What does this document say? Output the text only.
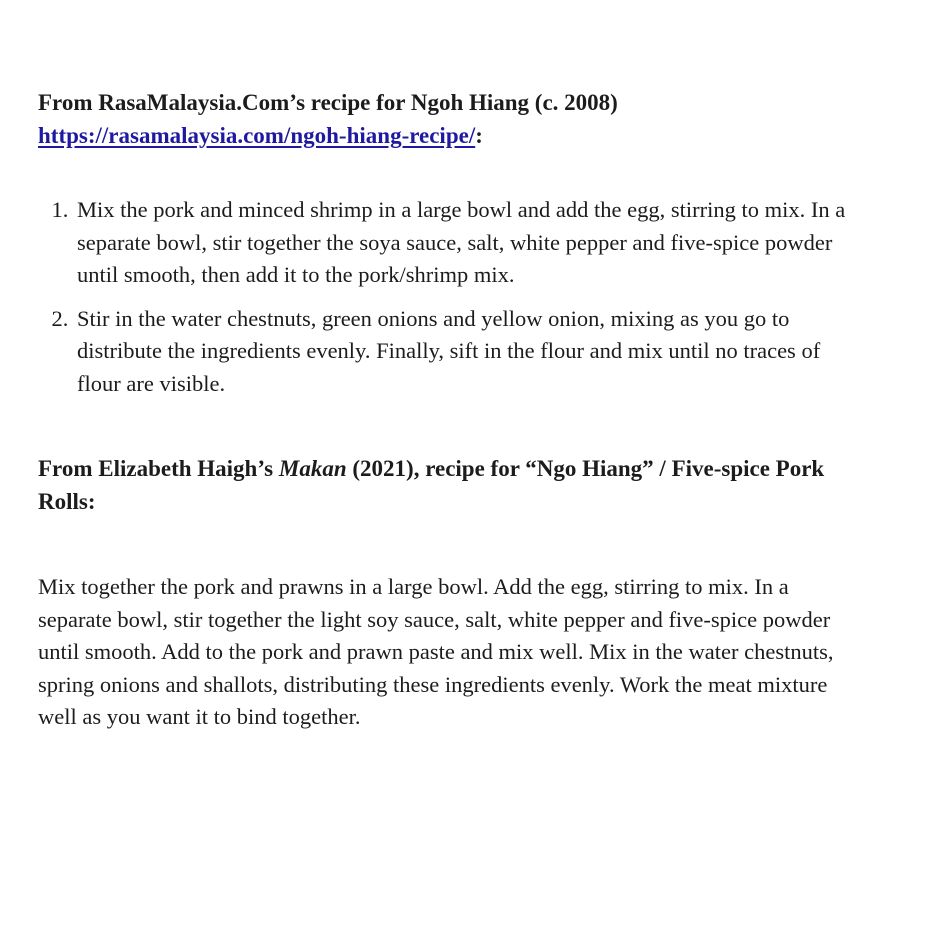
From RasaMalaysia.Com’s recipe for Ngoh Hiang (c. 2008)
https://rasamalaysia.com/ngoh-hiang-recipe/:
1. Mix the pork and minced shrimp in a large bowl and add the egg, stirring to mix. In a separate bowl, stir together the soya sauce, salt, white pepper and five-spice powder until smooth, then add it to the pork/shrimp mix.
2. Stir in the water chestnuts, green onions and yellow onion, mixing as you go to distribute the ingredients evenly. Finally, sift in the flour and mix until no traces of flour are visible.
From Elizabeth Haigh’s Makan (2021), recipe for “Ngo Hiang” / Five-spice Pork Rolls:

Mix together the pork and prawns in a large bowl. Add the egg, stirring to mix. In a separate bowl, stir together the light soy sauce, salt, white pepper and five-spice powder until smooth. Add to the pork and prawn paste and mix well. Mix in the water chestnuts, spring onions and shallots, distributing these ingredients evenly. Work the meat mixture well as you want it to bind together.
